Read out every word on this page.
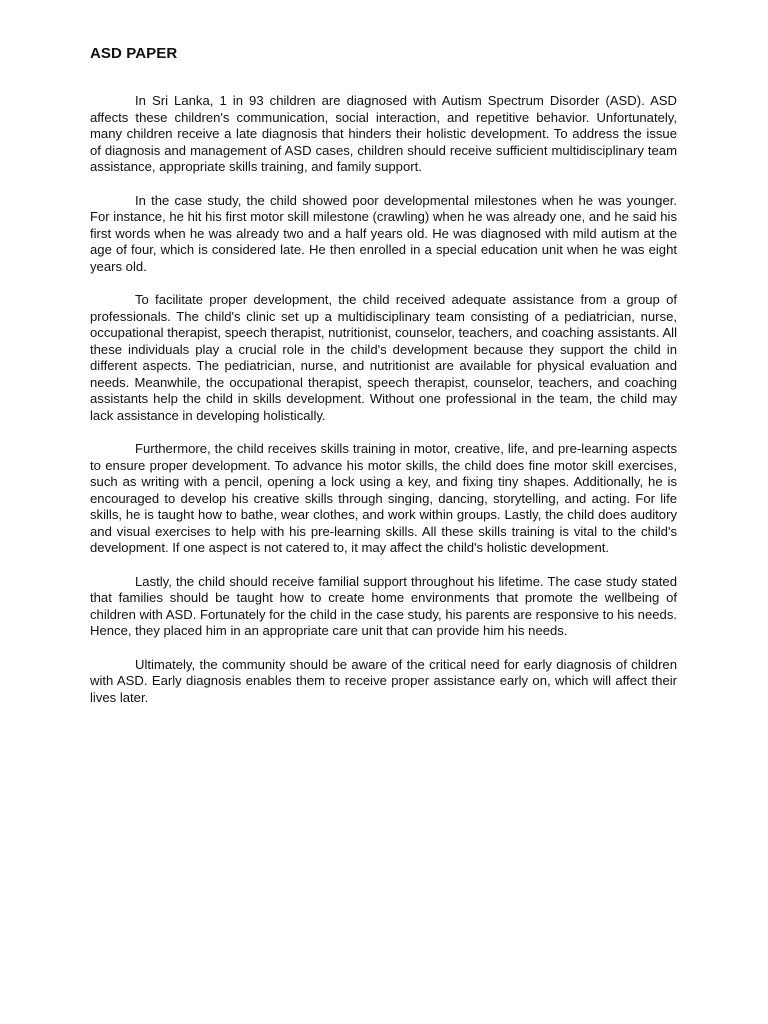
ASD PAPER

In Sri Lanka, 1 in 93 children are diagnosed with Autism Spectrum Disorder (ASD). ASD affects these children's communication, social interaction, and repetitive behavior. Unfortunately, many children receive a late diagnosis that hinders their holistic development. To address the issue of diagnosis and management of ASD cases, children should receive sufficient multidisciplinary team assistance, appropriate skills training, and family support.

In the case study, the child showed poor developmental milestones when he was younger. For instance, he hit his first motor skill milestone (crawling) when he was already one, and he said his first words when he was already two and a half years old. He was diagnosed with mild autism at the age of four, which is considered late. He then enrolled in a special education unit when he was eight years old.

To facilitate proper development, the child received adequate assistance from a group of professionals. The child's clinic set up a multidisciplinary team consisting of a pediatrician, nurse, occupational therapist, speech therapist, nutritionist, counselor, teachers, and coaching assistants. All these individuals play a crucial role in the child's development because they support the child in different aspects. The pediatrician, nurse, and nutritionist are available for physical evaluation and needs. Meanwhile, the occupational therapist, speech therapist, counselor, teachers, and coaching assistants help the child in skills development. Without one professional in the team, the child may lack assistance in developing holistically.

Furthermore, the child receives skills training in motor, creative, life, and pre-learning aspects to ensure proper development. To advance his motor skills, the child does fine motor skill exercises, such as writing with a pencil, opening a lock using a key, and fixing tiny shapes. Additionally, he is encouraged to develop his creative skills through singing, dancing, storytelling, and acting. For life skills, he is taught how to bathe, wear clothes, and work within groups. Lastly, the child does auditory and visual exercises to help with his pre-learning skills. All these skills training is vital to the child's development. If one aspect is not catered to, it may affect the child's holistic development.

Lastly, the child should receive familial support throughout his lifetime. The case study stated that families should be taught how to create home environments that promote the wellbeing of children with ASD. Fortunately for the child in the case study, his parents are responsive to his needs. Hence, they placed him in an appropriate care unit that can provide him his needs.

Ultimately, the community should be aware of the critical need for early diagnosis of children with ASD. Early diagnosis enables them to receive proper assistance early on, which will affect their lives later.
